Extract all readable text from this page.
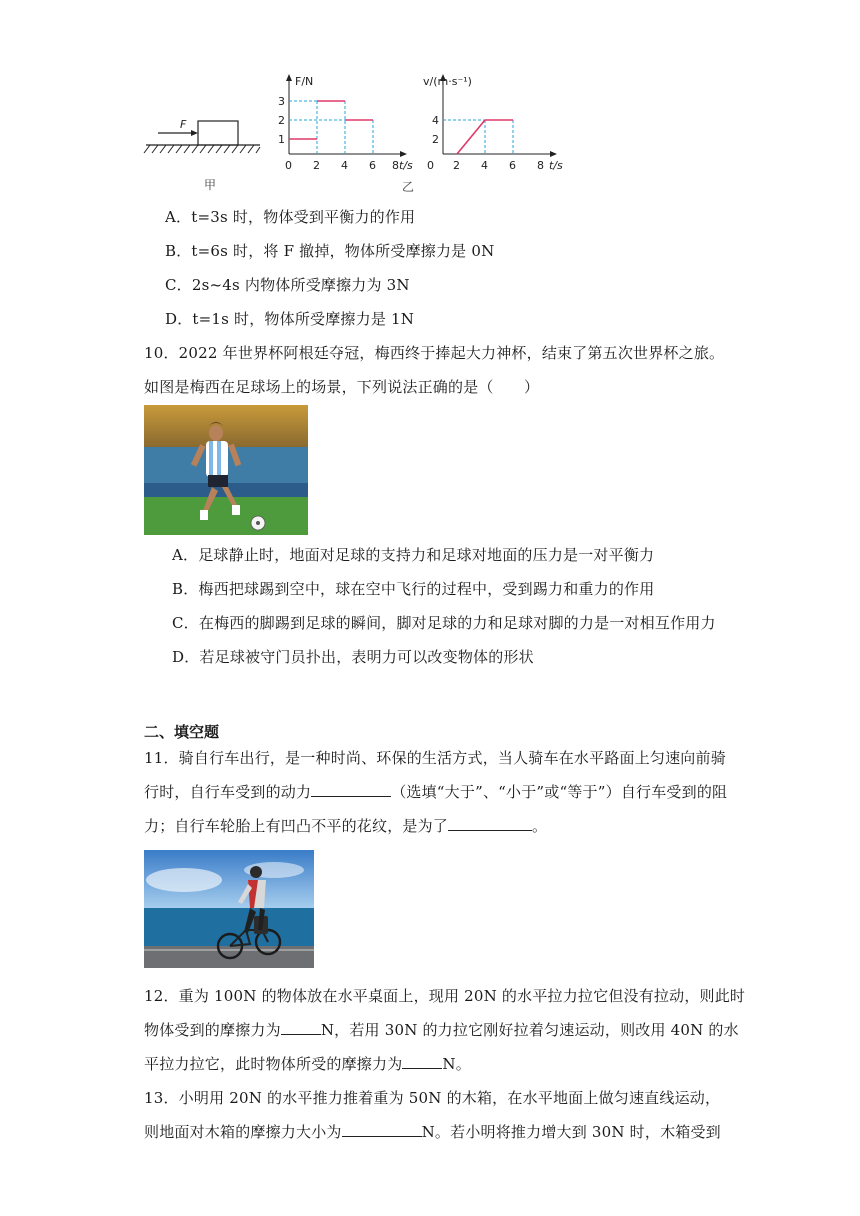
F
甲
F/N
t/s
3
2
1
0 2 4 6 8
v/(m·s⁻¹)
t/s
4
2
0 2 4 6 8
乙
A．t=3s 时，物体受到平衡力的作用
B．t=6s 时，将 F 撤掉，物体所受摩擦力是 0N
C．2s~4s 内物体所受摩擦力为 3N
D．t=1s 时，物体所受摩擦力是 1N
10．2022 年世界杯阿根廷夺冠，梅西终于捧起大力神杯，结束了第五次世界杯之旅。
如图是梅西在足球场上的场景，下列说法正确的是（　　）
A．足球静止时，地面对足球的支持力和足球对地面的压力是一对平衡力
B．梅西把球踢到空中，球在空中飞行的过程中，受到踢力和重力的作用
C．在梅西的脚踢到足球的瞬间，脚对足球的力和足球对脚的力是一对相互作用力
D．若足球被守门员扑出，表明力可以改变物体的形状
二、填空题
11．骑自行车出行，是一种时尚、环保的生活方式，当人骑车在水平路面上匀速向前骑
行时，自行车受到的动力	（选填“大于”、“小于”或“等于”）自行车受到的阻
力；自行车轮胎上有凹凸不平的花纹，是为了	。
12．重为 100N 的物体放在水平桌面上，现用 20N 的水平拉力拉它但没有拉动，则此时
物体受到的摩擦力为	N，若用 30N 的力拉它刚好拉着匀速运动，则改用 40N 的水
平拉力拉它，此时物体所受的摩擦力为	N。
13．小明用 20N 的水平推力推着重为 50N 的木箱，在水平地面上做匀速直线运动，
则地面对木箱的摩擦力大小为	N。若小明将推力增大到 30N 时，木箱受到
